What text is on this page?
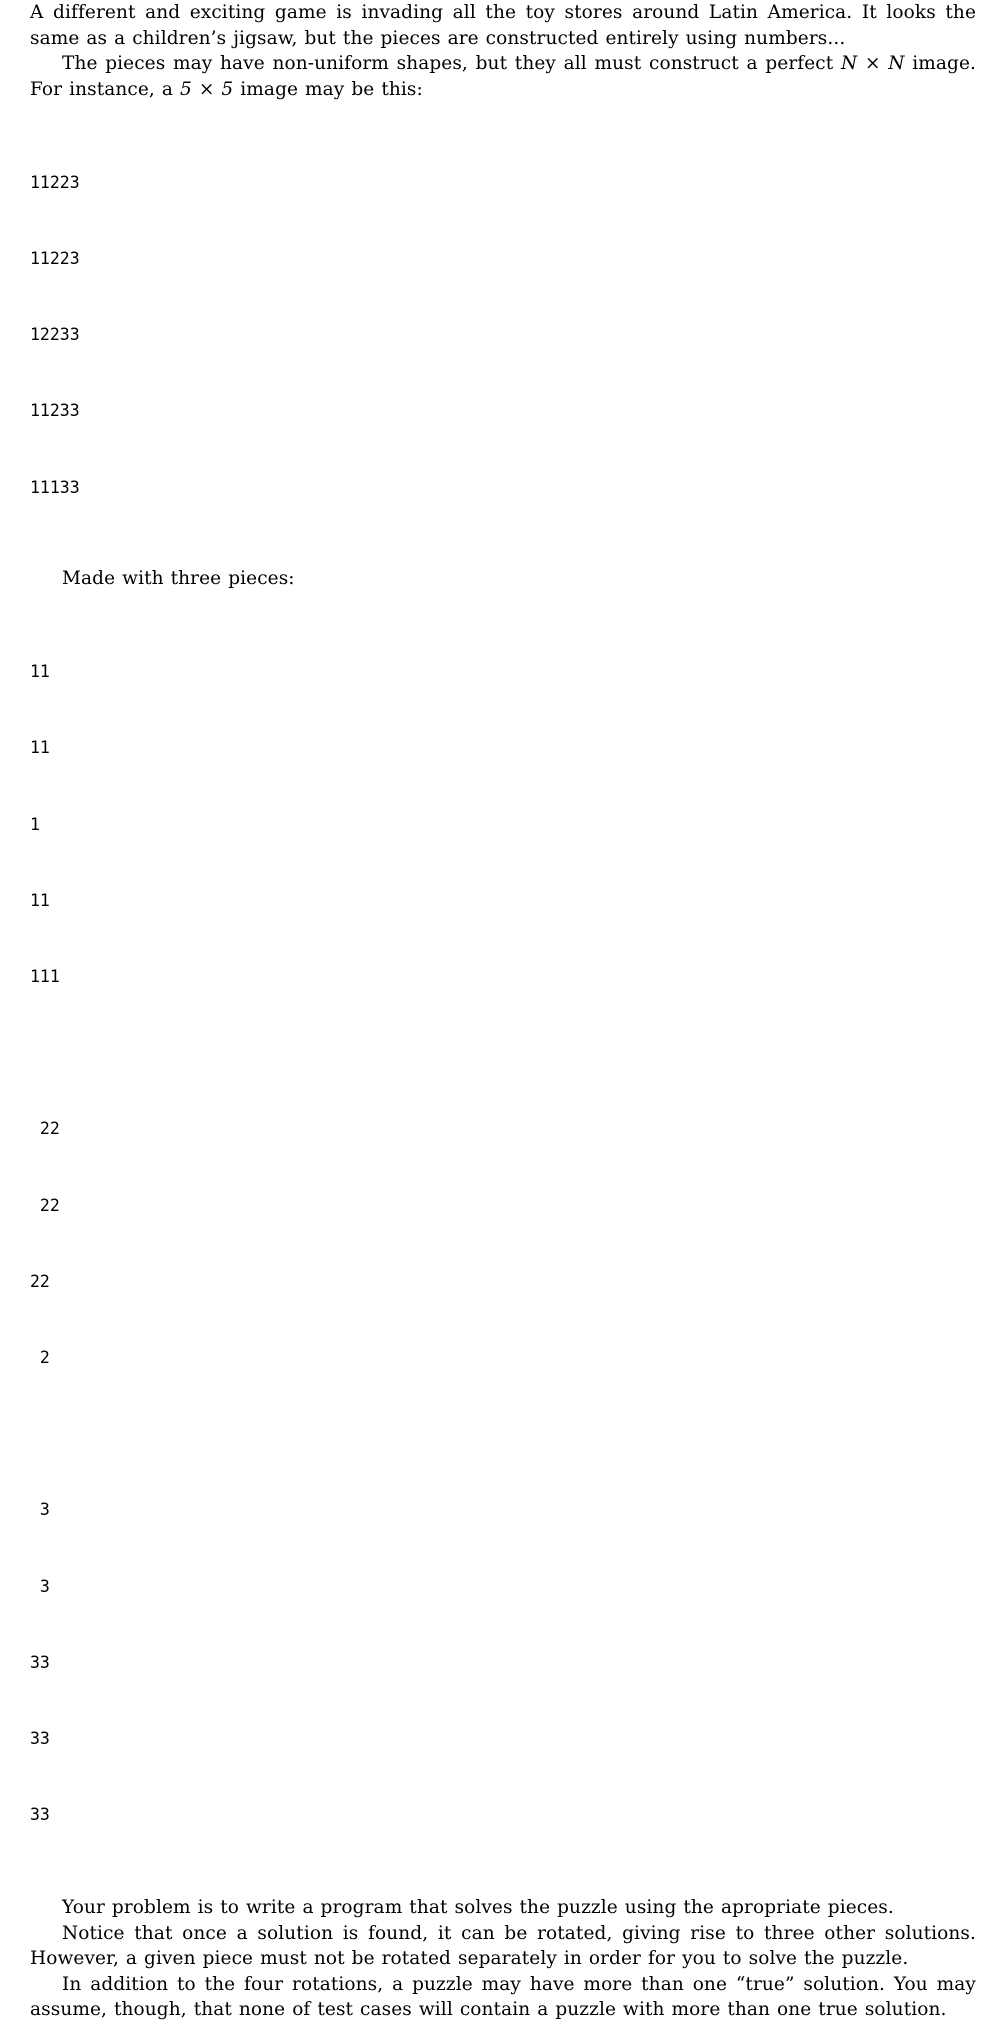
A different and exciting game is invading all the toy stores around Latin America. It looks the same as a children’s jigsaw, but the pieces are constructed entirely using numbers...

The pieces may have non-uniform shapes, but they all must construct a perfect N × N image. For instance, a 5 × 5 image may be this:

11223

11223

12233

11233

11133

Made with three pieces:

11

11

1

11

111

22

22

22

2

3

3

33

33

33

Your problem is to write a program that solves the puzzle using the apropriate pieces.

Notice that once a solution is found, it can be rotated, giving rise to three other solutions. However, a given piece must not be rotated separately in order for you to solve the puzzle.

In addition to the four rotations, a puzzle may have more than one “true” solution. You may assume, though, that none of test cases will contain a puzzle with more than one true solution.
